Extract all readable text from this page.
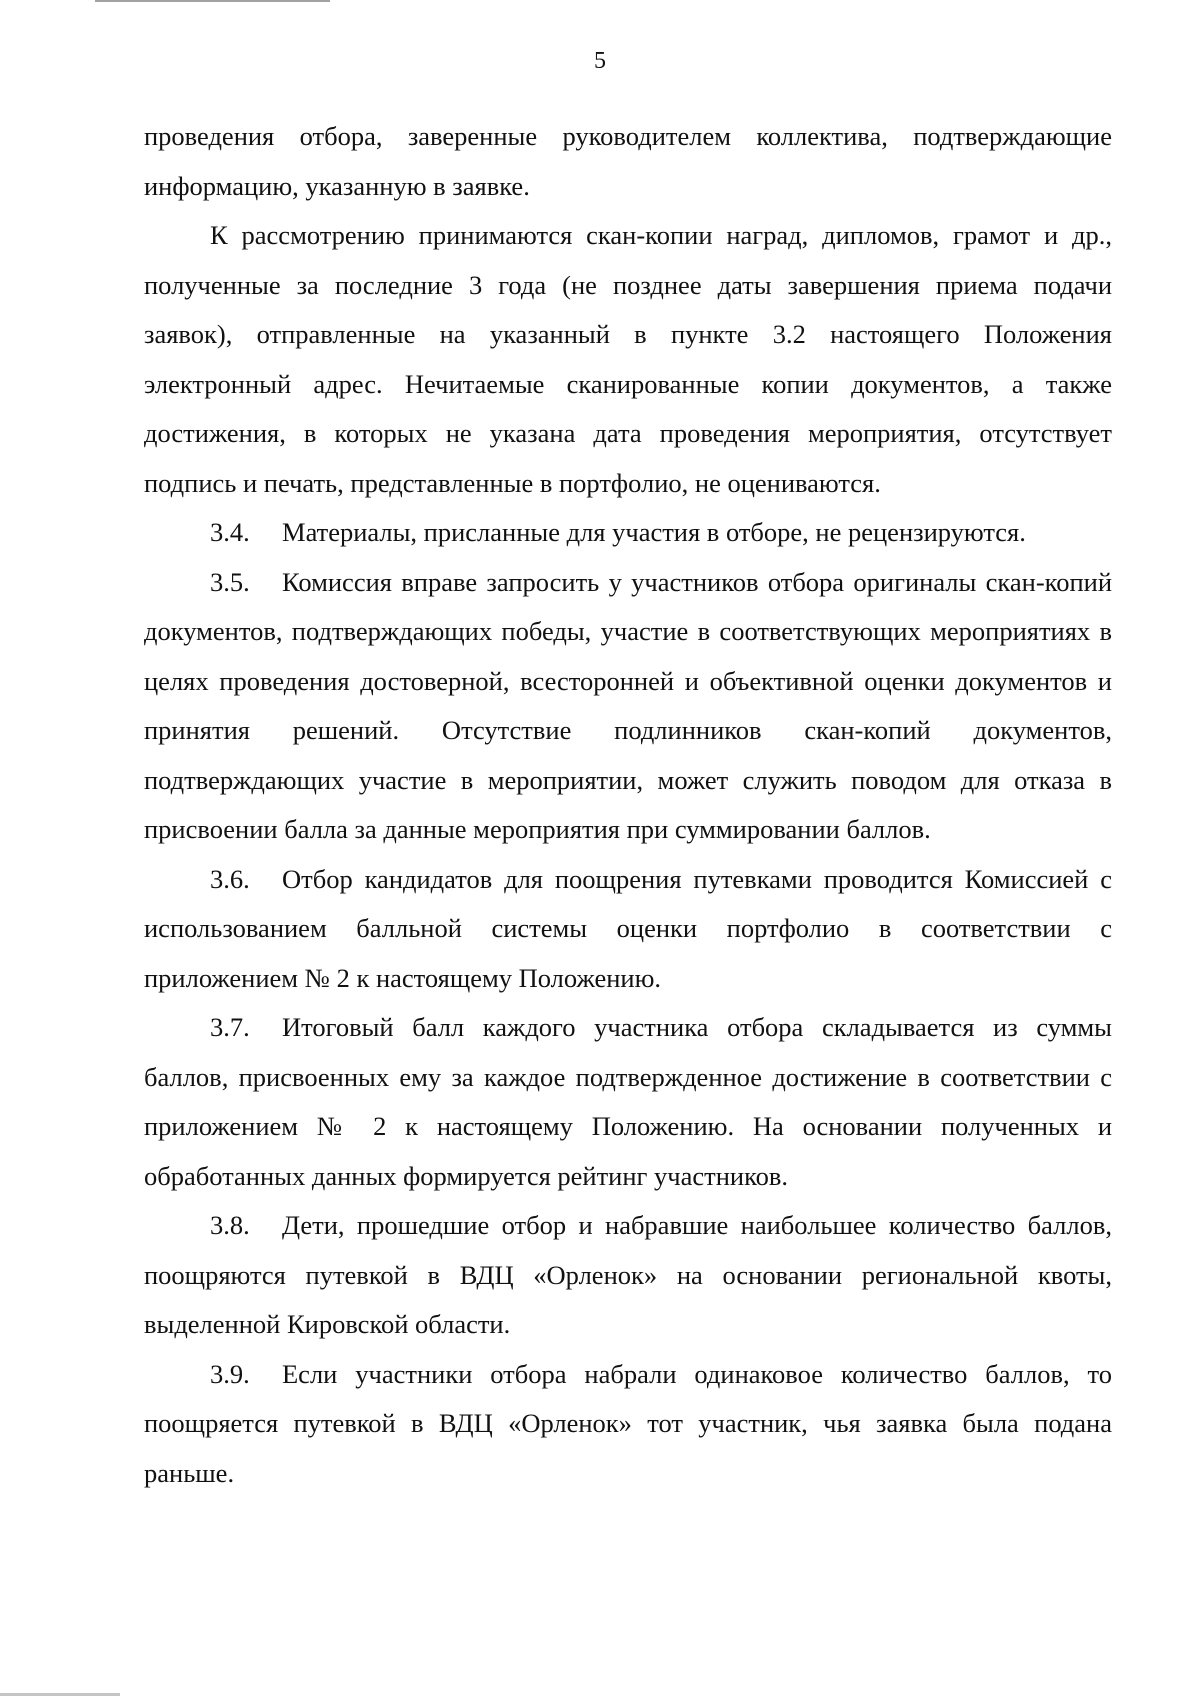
5

проведения отбора, заверенные руководителем коллектива, подтверждающие информацию, указанную в заявке.

К рассмотрению принимаются скан-копии наград, дипломов, грамот и др., полученные за последние 3 года (не позднее даты завершения приема подачи заявок), отправленные на указанный в пункте 3.2 настоящего Положения электронный адрес. Нечитаемые сканированные копии документов, а также достижения, в которых не указана дата проведения мероприятия, отсутствует подпись и печать, представленные в портфолио, не оцениваются.

3.4. Материалы, присланные для участия в отборе, не рецензируются.

3.5. Комиссия вправе запросить у участников отбора оригиналы скан-копий документов, подтверждающих победы, участие в соответствующих мероприятиях в целях проведения достоверной, всесторонней и объективной оценки документов и принятия решений. Отсутствие подлинников скан-копий документов, подтверждающих участие в мероприятии, может служить поводом для отказа в присвоении балла за данные мероприятия при суммировании баллов.

3.6. Отбор кандидатов для поощрения путевками проводится Комиссией с использованием балльной системы оценки портфолио в соответствии с приложением № 2 к настоящему Положению.

3.7. Итоговый балл каждого участника отбора складывается из суммы баллов, присвоенных ему за каждое подтвержденное достижение в соответствии с приложением № 2 к настоящему Положению. На основании полученных и обработанных данных формируется рейтинг участников.

3.8. Дети, прошедшие отбор и набравшие наибольшее количество баллов, поощряются путевкой в ВДЦ «Орленок» на основании региональной квоты, выделенной Кировской области.

3.9. Если участники отбора набрали одинаковое количество баллов, то поощряется путевкой в ВДЦ «Орленок» тот участник, чья заявка была подана раньше.
